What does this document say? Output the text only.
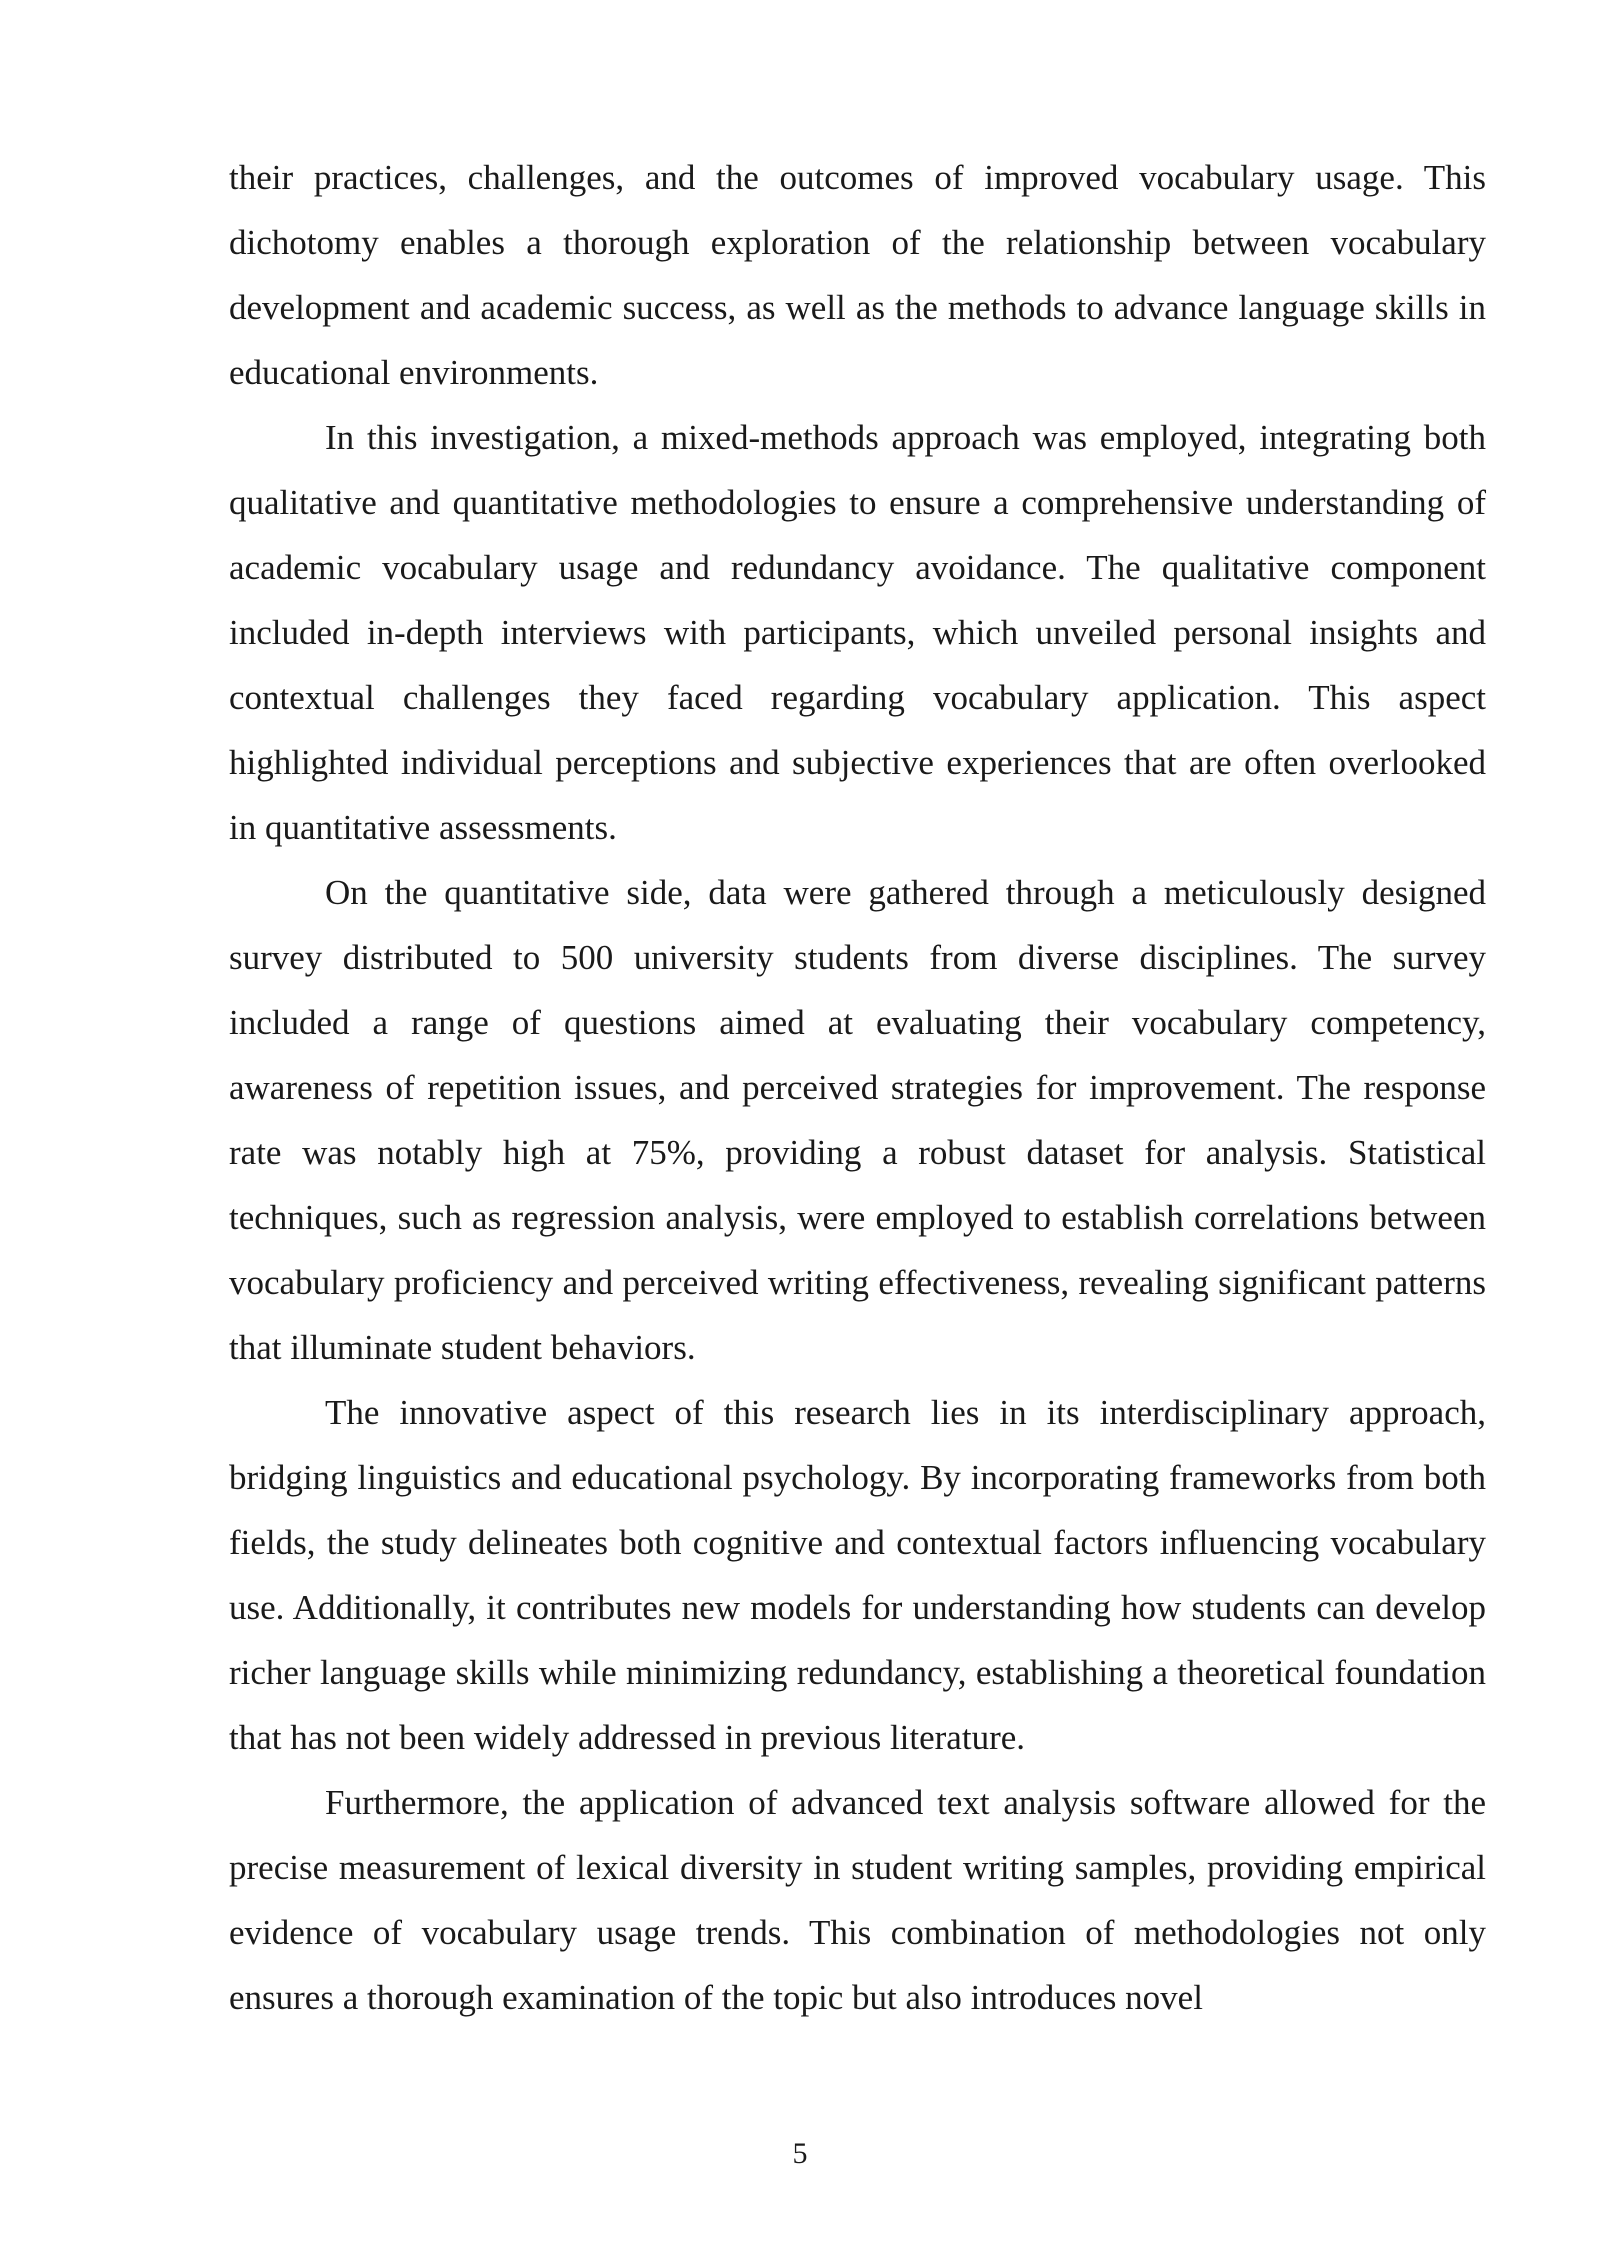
their practices, challenges, and the outcomes of improved vocabulary usage. This dichotomy enables a thorough exploration of the relationship between vocabulary development and academic success, as well as the methods to advance language skills in educational environments.

In this investigation, a mixed-methods approach was employed, integrating both qualitative and quantitative methodologies to ensure a comprehensive understanding of academic vocabulary usage and redundancy avoidance. The qualitative component included in-depth interviews with participants, which unveiled personal insights and contextual challenges they faced regarding vocabulary application. This aspect highlighted individual perceptions and subjective experiences that are often overlooked in quantitative assessments.

On the quantitative side, data were gathered through a meticulously designed survey distributed to 500 university students from diverse disciplines. The survey included a range of questions aimed at evaluating their vocabulary competency, awareness of repetition issues, and perceived strategies for improvement. The response rate was notably high at 75%, providing a robust dataset for analysis. Statistical techniques, such as regression analysis, were employed to establish correlations between vocabulary proficiency and perceived writing effectiveness, revealing significant patterns that illuminate student behaviors.

The innovative aspect of this research lies in its interdisciplinary approach, bridging linguistics and educational psychology. By incorporating frameworks from both fields, the study delineates both cognitive and contextual factors influencing vocabulary use. Additionally, it contributes new models for understanding how students can develop richer language skills while minimizing redundancy, establishing a theoretical foundation that has not been widely addressed in previous literature.

Furthermore, the application of advanced text analysis software allowed for the precise measurement of lexical diversity in student writing samples, providing empirical evidence of vocabulary usage trends. This combination of methodologies not only ensures a thorough examination of the topic but also introduces novel

5
